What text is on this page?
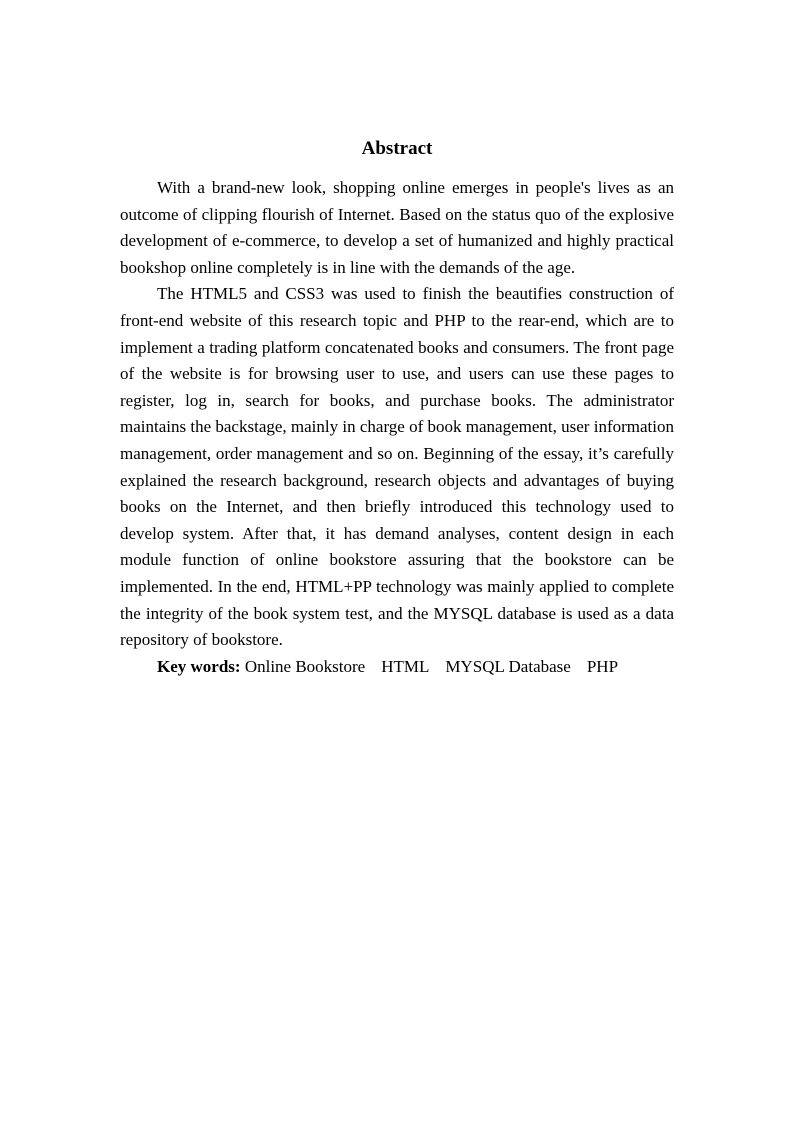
Abstract

With a brand-new look, shopping online emerges in people's lives as an outcome of clipping flourish of Internet. Based on the status quo of the explosive development of e-commerce, to develop a set of humanized and highly practical bookshop online completely is in line with the demands of the age.

The HTML5 and CSS3 was used to finish the beautifies construction of front-end website of this research topic and PHP to the rear-end, which are to implement a trading platform concatenated books and consumers. The front page of the website is for browsing user to use, and users can use these pages to register, log in, search for books, and purchase books. The administrator maintains the backstage, mainly in charge of book management, user information management, order management and so on. Beginning of the essay, it’s carefully explained the research background, research objects and advantages of buying books on the Internet, and then briefly introduced this technology used to develop system. After that, it has demand analyses, content design in each module function of online bookstore assuring that the bookstore can be implemented. In the end, HTML+PP technology was mainly applied to complete the integrity of the book system test, and the MYSQL database is used as a data repository of bookstore.

Key words: Online Bookstore HTML MYSQL Database PHP
